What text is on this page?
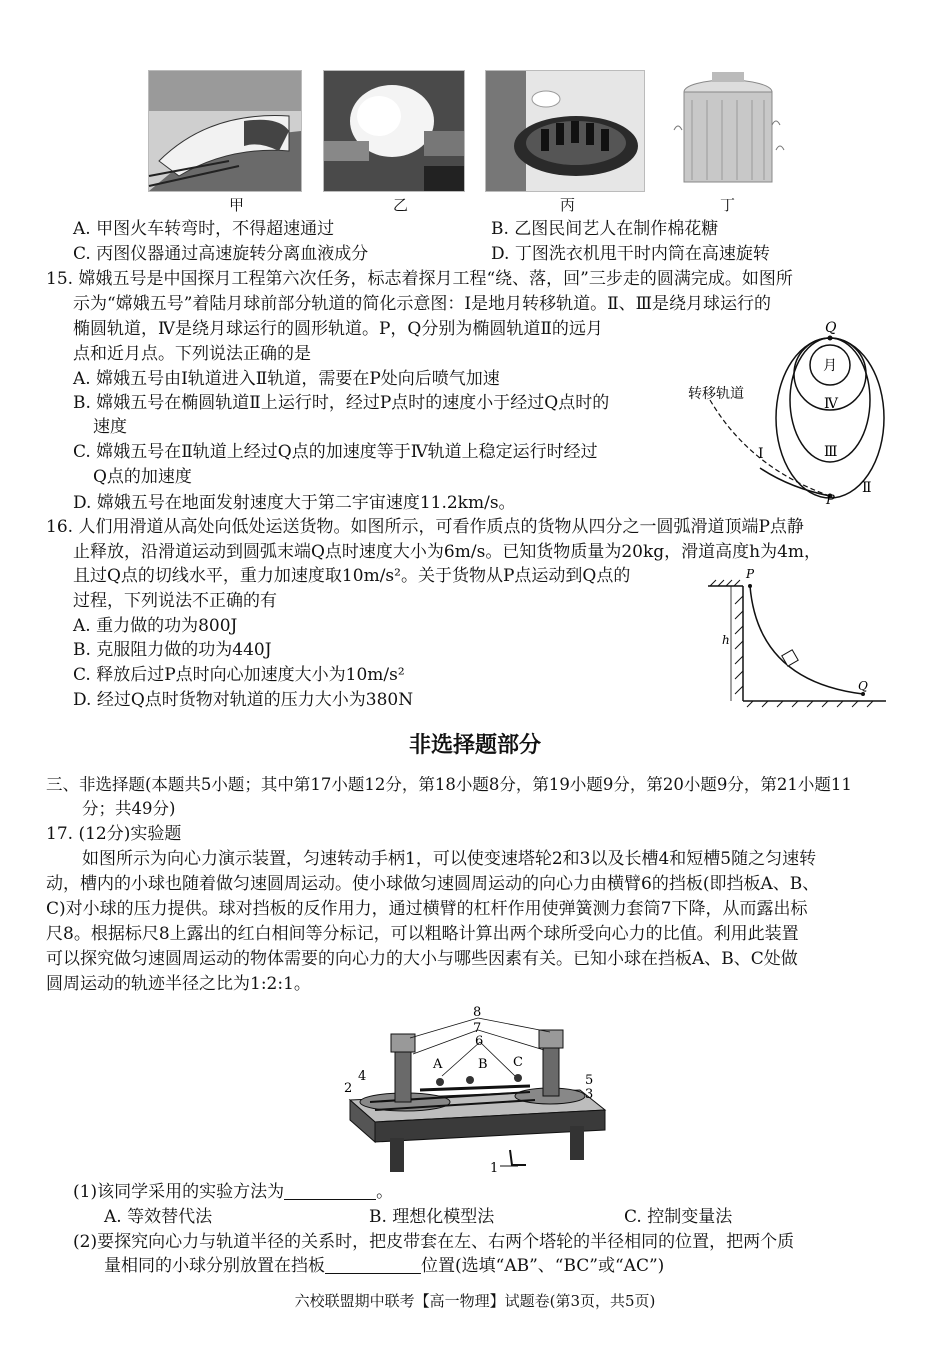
甲	乙	丙	丁
A. 甲图火车转弯时，不得超速通过	B. 乙图民间艺人在制作棉花糖
C. 丙图仪器通过高速旋转分离血液成分	D. 丁图洗衣机甩干时内筒在高速旋转
15. 嫦娥五号是中国探月工程第六次任务，标志着探月工程“绕、落，回”三步走的圆满完成。如图所
示为“嫦娥五号”着陆月球前部分轨道的简化示意图：Ⅰ是地月转移轨道。Ⅱ、Ⅲ是绕月球运行的
椭圆轨道，Ⅳ是绕月球运行的圆形轨道。P，Q分别为椭圆轨道Ⅱ的远月
点和近月点。下列说法正确的是
A. 嫦娥五号由Ⅰ轨道进入Ⅱ轨道，需要在P处向后喷气加速
B. 嫦娥五号在椭圆轨道Ⅱ上运行时，经过P点时的速度小于经过Q点时的
速度
C. 嫦娥五号在Ⅱ轨道上经过Q点的加速度等于Ⅳ轨道上稳定运行时经过
Q点的加速度
D. 嫦娥五号在地面发射速度大于第二宇宙速度11.2km/s。
Q
P
月
转移轨道
Ⅰ
Ⅱ
Ⅲ
Ⅳ
16. 人们用滑道从高处向低处运送货物。如图所示，可看作质点的货物从四分之一圆弧滑道顶端P点静
止释放，沿滑道运动到圆弧末端Q点时速度大小为6m/s。已知货物质量为20kg，滑道高度h为4m，
且过Q点的切线水平，重力加速度取10m/s²。关于货物从P点运动到Q点的
过程，下列说法不正确的有
A. 重力做的功为800J
B. 克服阻力做的功为440J
C. 释放后过P点时向心加速度大小为10m/s²
D. 经过Q点时货物对轨道的压力大小为380N
P
Q
h
非选择题部分
三、非选择题(本题共5小题；其中第17小题12分，第18小题8分，第19小题9分，第20小题9分，第21小题11
分；共49分)
17. (12分)实验题
如图所示为向心力演示装置，匀速转动手柄1，可以使变速塔轮2和3以及长槽4和短槽5随之匀速转
动，槽内的小球也随着做匀速圆周运动。使小球做匀速圆周运动的向心力由横臂6的挡板(即挡板A、B、
C)对小球的压力提供。球对挡板的反作用力，通过横臂的杠杆作用使弹簧测力套筒7下降，从而露出标
尺8。根据标尺8上露出的红白相间等分标记，可以粗略计算出两个球所受向心力的比值。利用此装置
可以探究做匀速圆周运动的物体需要的向心力的大小与哪些因素有关。已知小球在挡板A、B、C处做
圆周运动的轨迹半径之比为1:2:1。
8
7
6
A	B C
5
3
4
2
1
(1)该同学采用的实验方法为	。
A. 等效替代法	B. 理想化模型法	C. 控制变量法
(2)要探究向心力与轨道半径的关系时，把皮带套在左、右两个塔轮的半径相同的位置，把两个质
量相同的小球分别放置在挡板	位置(选填“AB”、“BC”或“AC”)
六校联盟期中联考【高一物理】试题卷(第3页，共5页)
